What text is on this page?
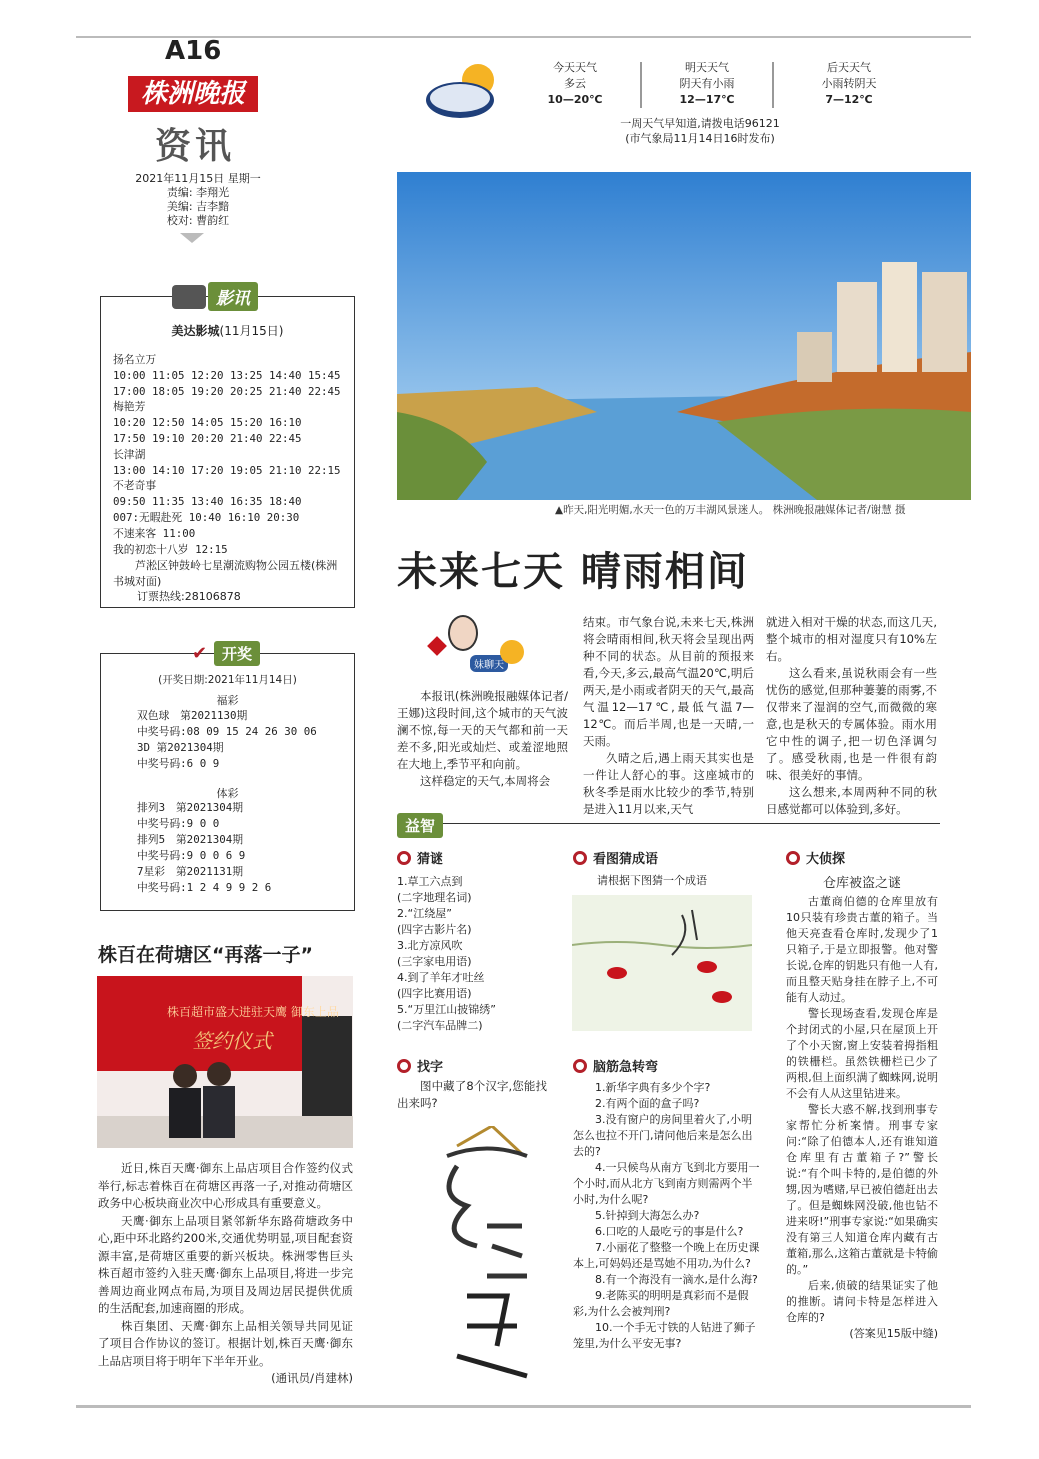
A16
株洲晚报
资讯
2021年11月15日 星期一
责编: 李翔光
美编: 吉李黯
校对: 曹韵红
今天天气
多云
10—20℃
明天天气
阴天有小雨
12—17℃
后天天气
小雨转阴天
7—12℃
一周天气早知道,请拨电话96121
(市气象局11月14日16时发布)
▲昨天,阳光明媚,水天一色的万丰湖风景迷人。 株洲晚报融媒体记者/谢慧 摄
未来七天 晴雨相间
影讯
美达影城(11月15日)
扬名立万
10:00 11:05 12:20 13:25 14:40 15:45
17:00 18:05 19:20 20:25 21:40 22:45
梅艳芳
10:20 12:50 14:05 15:20 16:10
17:50 19:10 20:20 21:40 22:45
长津湖
13:00 14:10 17:20 19:05 21:10 22:15
不老奇事
09:50 11:35 13:40 16:35 18:40
007:无暇赴死 10:40 16:10 20:30
不速来客 11:00
我的初恋十八岁 12:15
芦淞区钟鼓岭七星潮流购物公园五楼(株洲书城对面)
订票热线:28106878
✔ 开奖
(开奖日期:2021年11月14日)
福彩
双色球　第2021130期
中奖号码:08 09 15 24 26 30 06
3D 第2021304期
中奖号码:6 0 9
体彩
排列3　第2021304期
中奖号码:9 0 0
排列5　第2021304期
中奖号码:9 0 0 6 9
7星彩　第2021131期
中奖号码:1 2 4 9 9 2 6
株百在荷塘区“再落一子”
株百超市盛大进驻天鹰 御东上品
签约仪式

近日,株百天鹰·御东上品店项目合作签约仪式举行,标志着株百在荷塘区再落一子,对推动荷塘区政务中心板块商业次中心形成具有重要意义。

天鹰·御东上品项目紧邻新华东路荷塘政务中心,距中环北路约200米,交通优势明显,项目配套资源丰富,是荷塘区重要的新兴板块。株洲零售巨头株百超市签约入驻天鹰·御东上品项目,将进一步完善周边商业网点布局,为项目及周边居民提供优质的生活配套,加速商圈的形成。

株百集团、天鹰·御东上品相关领导共同见证了项目合作协议的签订。根据计划,株百天鹰·御东上品店项目将于明年下半年开业。

(通讯员/肖建林)
妹聊天

本报讯(株洲晚报融媒体记者/王娜)这段时间,这个城市的天气波澜不惊,每一天的天气都和前一天差不多,阳光或灿烂、或羞涩地照在大地上,季节平和向前。

这样稳定的天气,本周将会

结束。市气象台说,未来七天,株洲将会晴雨相间,秋天将会呈现出两种不同的状态。从目前的预报来看,今天,多云,最高气温20℃,明后两天,是小雨或者阴天的天气,最高气温12—17℃,最低气温7—12℃。而后半周,也是一天晴,一天雨。

久晴之后,遇上雨天其实也是一件让人舒心的事。这座城市的秋冬季是雨水比较少的季节,特别是进入11月以来,天气

就进入相对干燥的状态,而这几天,整个城市的相对湿度只有10%左右。

这么看来,虽说秋雨会有一些忧伤的感觉,但那种萋萋的雨雾,不仅带来了湿润的空气,而微微的寒意,也是秋天的专属体验。雨水用它中性的调子,把一切色泽调匀了。感受秋雨,也是一件很有韵味、很美好的事情。

这么想来,本周两种不同的秋日感觉都可以体验到,多好。

益智
猜谜
1.草工六点到
(二字地理名词)
2.“江绕屋”
(四字古影片名)
3.北方凉风吹
(三字家电用语)
4.到了羊年才吐丝
(四字比赛用语)
5.“万里江山披锦绣”
(二字汽车品牌二)
找字

图中藏了8个汉字,您能找出来吗?

看图猜成语
请根据下图猜一个成语
脑筋急转弯

1.新华字典有多少个字?

2.有两个面的盒子吗?

3.没有窗户的房间里着火了,小明怎么也拉不开门,请问他后来是怎么出去的?

4.一只候鸟从南方飞到北方要用一个小时,而从北方飞到南方则需两个半小时,为什么呢?

5.针掉到大海怎么办?

6.口吃的人最吃亏的事是什么?

7.小丽花了整整一个晚上在历史课本上,可妈妈还是骂她不用功,为什么?

8.有一个海没有一滴水,是什么海?

9.老陈买的明明是真彩而不是假彩,为什么会被判刑?

10.一个手无寸铁的人钻进了狮子笼里,为什么平安无事?

大侦探
仓库被盗之谜

古董商伯德的仓库里放有10只装有珍贵古董的箱子。当他天亮查看仓库时,发现少了1只箱子,于是立即报警。他对警长说,仓库的钥匙只有他一人有,而且整天贴身挂在脖子上,不可能有人动过。

警长现场查看,发现仓库是个封闭式的小屋,只在屋顶上开了个小天窗,窗上安装着拇指粗的铁栅栏。虽然铁栅栏已少了两根,但上面织满了蜘蛛网,说明不会有人从这里钻进来。

警长大惑不解,找到刑事专家帮忙分析案情。刑事专家问:“除了伯德本人,还有谁知道仓库里有古董箱子?”警长说:“有个叫卡特的,是伯德的外甥,因为嗜赌,早已被伯德赶出去了。但是蜘蛛网没破,他也钻不进来呀!”刑事专家说:“如果确实没有第三人知道仓库内藏有古董箱,那么,这箱古董就是卡特偷的。”

后来,侦破的结果证实了他的推断。请问卡特是怎样进入仓库的?

(答案见15版中缝)
